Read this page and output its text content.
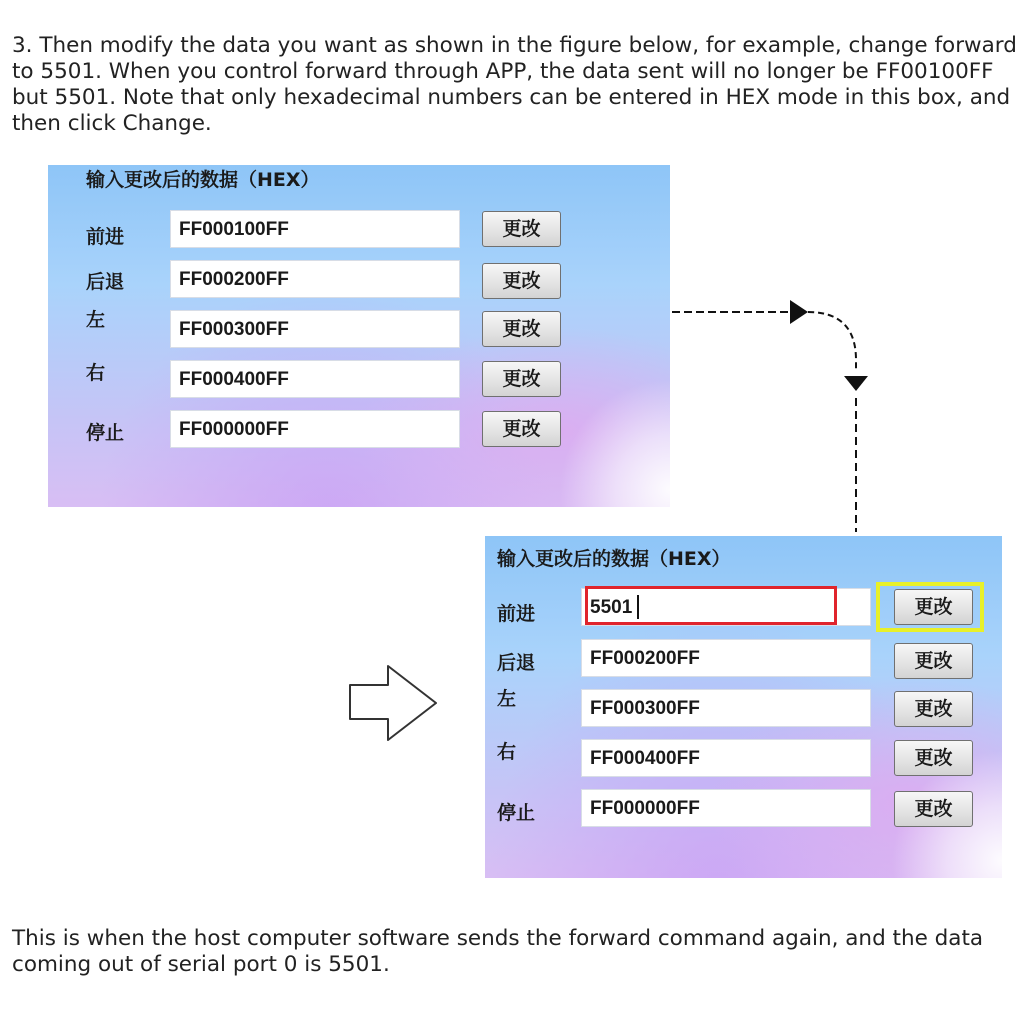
3. Then modify the data you want as shown in the figure below, for example, change forward to 5501. When you control forward through APP, the data sent will no longer be FF00100FF but 5501. Note that only hexadecimal numbers can be entered in HEX mode in this box, and then click Change.

输入更改后的数据（HEX）
前进	FF000100FF	更改
后退	FF000200FF	更改
左	FF000300FF	更改
右	FF000400FF	更改
停止	FF000000FF	更改
输入更改后的数据（HEX）
前进	5501	更改
后退	FF000200FF	更改
左	FF000300FF	更改
右	FF000400FF	更改
停止	FF000000FF	更改

This is when the host computer software sends the forward command again, and the data coming out of serial port 0 is 5501.
